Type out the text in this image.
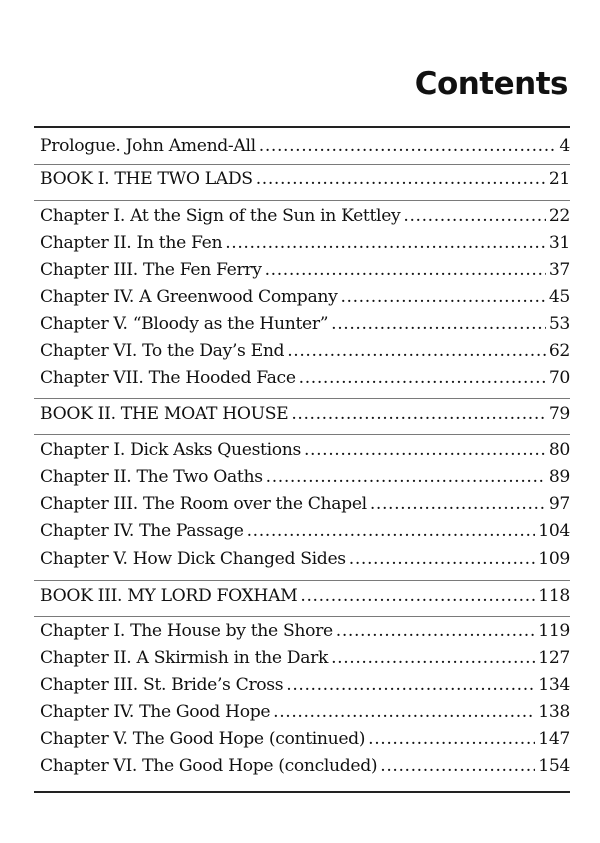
Contents
Prologue. John Amend-All .....	4
BOOK I. THE TWO LADS .....	21
Chapter I. At the Sign of the Sun in Kettley .....	22
Chapter II. In the Fen .....	31
Chapter III. The Fen Ferry .....	37
Chapter IV. A Greenwood Company .....	45
Chapter V. “Bloody as the Hunter” .....	53
Chapter VI. To the Day’s End .....	62
Chapter VII. The Hooded Face .....	70
BOOK II. THE MOAT HOUSE .....	79
Chapter I. Dick Asks Questions .....	80
Chapter II. The Two Oaths .....	89
Chapter III. The Room over the Chapel .....	97
Chapter IV. The Passage .....	104
Chapter V. How Dick Changed Sides .....	109
BOOK III. MY LORD FOXHAM .....	118
Chapter I. The House by the Shore .....	119
Chapter II. A Skirmish in the Dark .....	127
Chapter III. St. Bride’s Cross .....	134
Chapter IV. The Good Hope .....	138
Chapter V. The Good Hope (continued) .....	147
Chapter VI. The Good Hope (concluded) .....	154
